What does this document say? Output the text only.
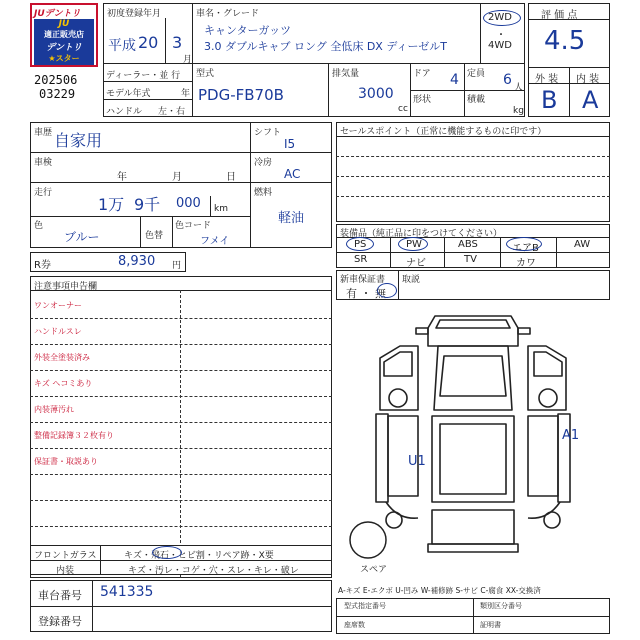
JUデントリ
JU
適正販売店
デントリ
★スター
202506
03229
初度登録年月
平成 20 3
月
車名・グレード
キャンターガッツ
3.0 ダブルキャブ ロング 全低床 DX ディーゼルT
2WD
・
4WD
ディーラー・並 行
モデル年式	年
ハンドル 左・右
型式
PDG-FB70B
排気量
3000
cc
ドア 4 定員 6 人
形状	積載
kg
評 価 点
4.5
外 装 内 装
B A
車歴 自家用
車検
年	月	日
走行
1万 9千 000 km
色
ブルー	色替
色コード
フメイ
シフト
I5
冷房
AC
燃料
軽油
R券	8,930 円
注意事項申告欄
ワンオーナー
ハンドルスレ
外装全塗装済み
キズ ヘコミあり
内装薄汚れ
整備記録簿３２枚有り
保証書・取説あり
フロントガラス	キズ・飛石・ヒビ割・リペア跡・X要
内装	キズ・汚レ・コゲ・穴・スレ・キレ・破レ
車台番号 541335
登録番号
セールスポイント（正常に機能するものに印です）
装備品（純正品に印をつけてください）
PS	PW	ABS	エアB	AW
SR	ナビ	TV	カワ
新車保証書
有 ・ 無
取説
A1
U1
スペア
A-キズ E-エクボ U-凹み W-補修跡 S-サビ C-腐食 XX-交換済
型式指定番号	類別区分番号
座席数	証明書
